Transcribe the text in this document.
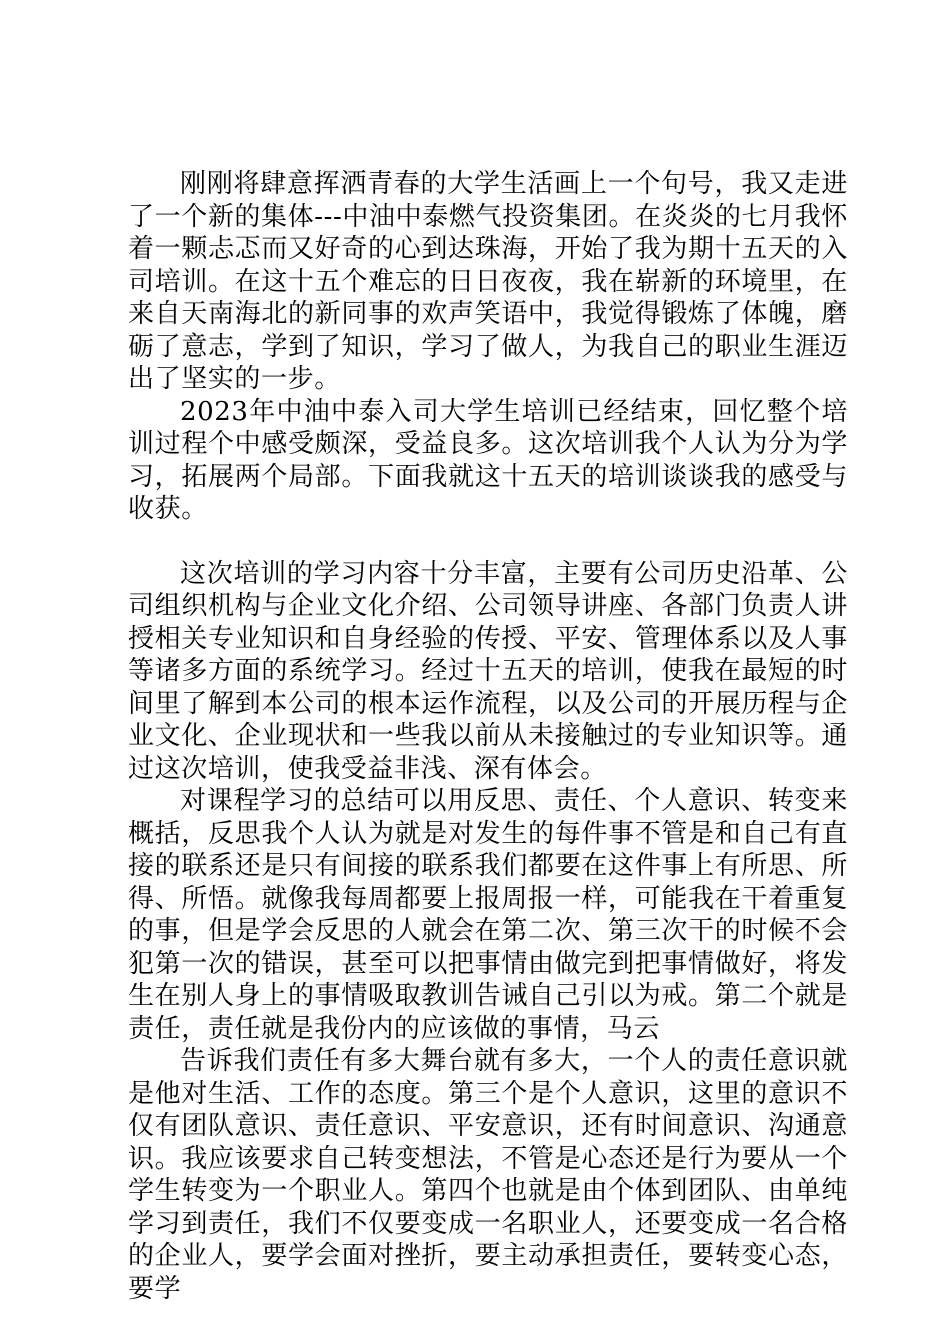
刚刚将肆意挥洒青春的大学生活画上一个句号，我又走进了一个新的集体---中油中泰燃气投资集团。在炎炎的七月我怀着一颗忐忑而又好奇的心到达珠海，开始了我为期十五天的入司培训。在这十五个难忘的日日夜夜，我在崭新的环境里，在来自天南海北的新同事的欢声笑语中，我觉得锻炼了体魄，磨砺了意志，学到了知识，学习了做人，为我自己的职业生涯迈出了坚实的一步。

2023年中油中泰入司大学生培训已经结束，回忆整个培训过程个中感受颇深，受益良多。这次培训我个人认为分为学习，拓展两个局部。下面我就这十五天的培训谈谈我的感受与收获。

这次培训的学习内容十分丰富，主要有公司历史沿革、公司组织机构与企业文化介绍、公司领导讲座、各部门负责人讲授相关专业知识和自身经验的传授、平安、管理体系以及人事等诸多方面的系统学习。经过十五天的培训，使我在最短的时间里了解到本公司的根本运作流程，以及公司的开展历程与企业文化、企业现状和一些我以前从未接触过的专业知识等。通过这次培训，使我受益非浅、深有体会。

对课程学习的总结可以用反思、责任、个人意识、转变来概括，反思我个人认为就是对发生的每件事不管是和自己有直接的联系还是只有间接的联系我们都要在这件事上有所思、所得、所悟。就像我每周都要上报周报一样，可能我在干着重复的事，但是学会反思的人就会在第二次、第三次干的时候不会犯第一次的错误，甚至可以把事情由做完到把事情做好，将发生在别人身上的事情吸取教训告诫自己引以为戒。第二个就是责任，责任就是我份内的应该做的事情，马云

告诉我们责任有多大舞台就有多大，一个人的责任意识就是他对生活、工作的态度。第三个是个人意识，这里的意识不仅有团队意识、责任意识、平安意识，还有时间意识、沟通意识。我应该要求自己转变想法，不管是心态还是行为要从一个学生转变为一个职业人。第四个也就是由个体到团队、由单纯学习到责任，我们不仅要变成一名职业人，还要变成一名合格的企业人，要学会面对挫折，要主动承担责任，要转变心态，要学
